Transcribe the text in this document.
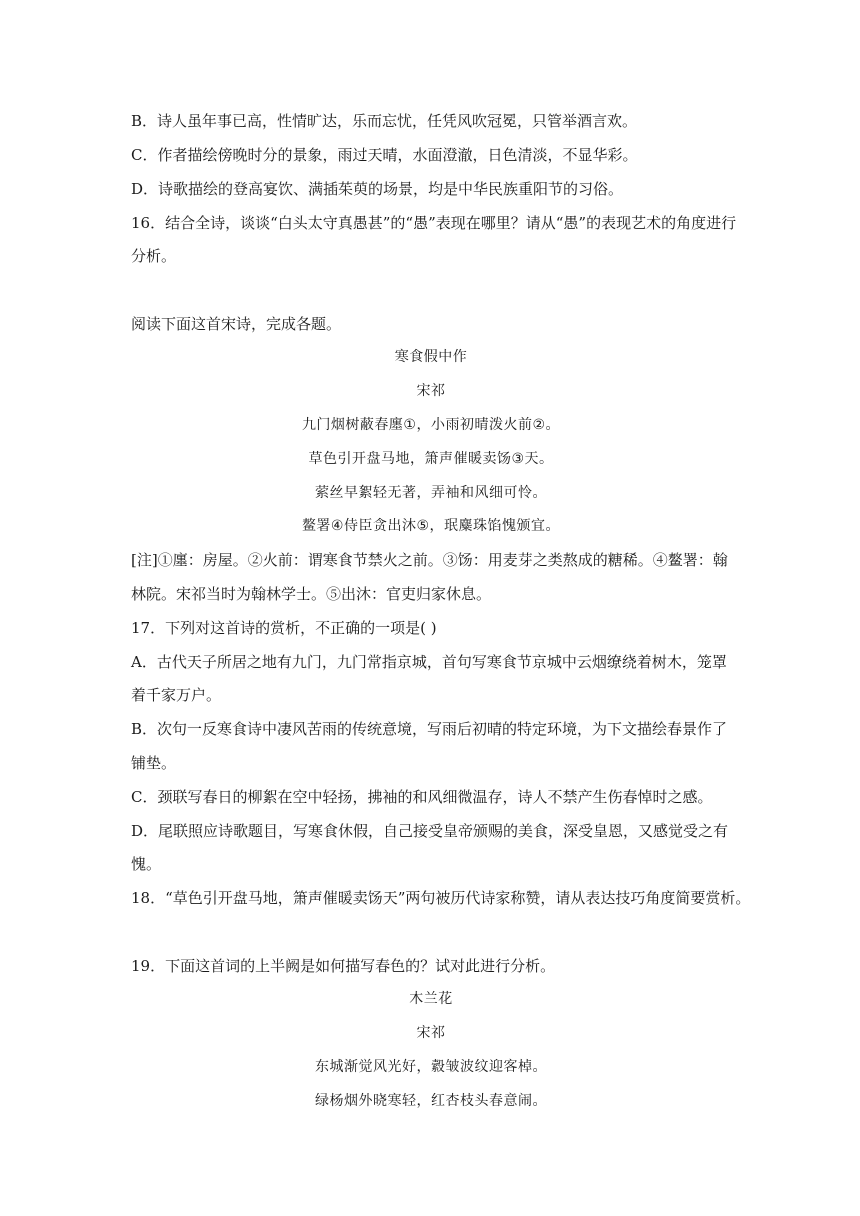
B．诗人虽年事已高，性情旷达，乐而忘忧，任凭风吹冠冕，只管举酒言欢。
C．作者描绘傍晚时分的景象，雨过天晴，水面澄澈，日色清淡，不显华彩。
D．诗歌描绘的登高宴饮、满插茱萸的场景，均是中华民族重阳节的习俗。
16．结合全诗，谈谈“白头太守真愚甚”的“愚”表现在哪里？请从“愚”的表现艺术的角度进行
分析。
阅读下面这首宋诗，完成各题。
寒食假中作
宋祁
九门烟树蔽春廛①，小雨初晴泼火前②。
草色引开盘马地，箫声催暖卖饧③天。
萦丝早絮轻无著，弄袖和风细可怜。
鳌署④侍臣贪出沐⑤，珉麋珠馅愧颁宜。
[注]①廛：房屋。②火前：谓寒食节禁火之前。③饧：用麦芽之类熬成的糖稀。④鳌署：翰
林院。宋祁当时为翰林学士。⑤出沐：官吏归家休息。
17．下列对这首诗的赏析，不正确的一项是( )
A．古代天子所居之地有九门，九门常指京城，首句写寒食节京城中云烟缭绕着树木，笼罩
着千家万户。
B．次句一反寒食诗中凄风苦雨的传统意境，写雨后初晴的特定环境，为下文描绘春景作了
铺垫。
C．颈联写春日的柳絮在空中轻扬，拂袖的和风细微温存，诗人不禁产生伤春悼时之感。
D．尾联照应诗歌题目，写寒食休假，自己接受皇帝颁赐的美食，深受皇恩，又感觉受之有
愧。
18．“草色引开盘马地，箫声催暖卖饧天”两句被历代诗家称赞，请从表达技巧角度简要赏析。
19．下面这首词的上半阙是如何描写春色的？试对此进行分析。
木兰花
宋祁
东城渐觉风光好，縠皱波纹迎客棹。
绿杨烟外晓寒轻，红杏枝头春意闹。
